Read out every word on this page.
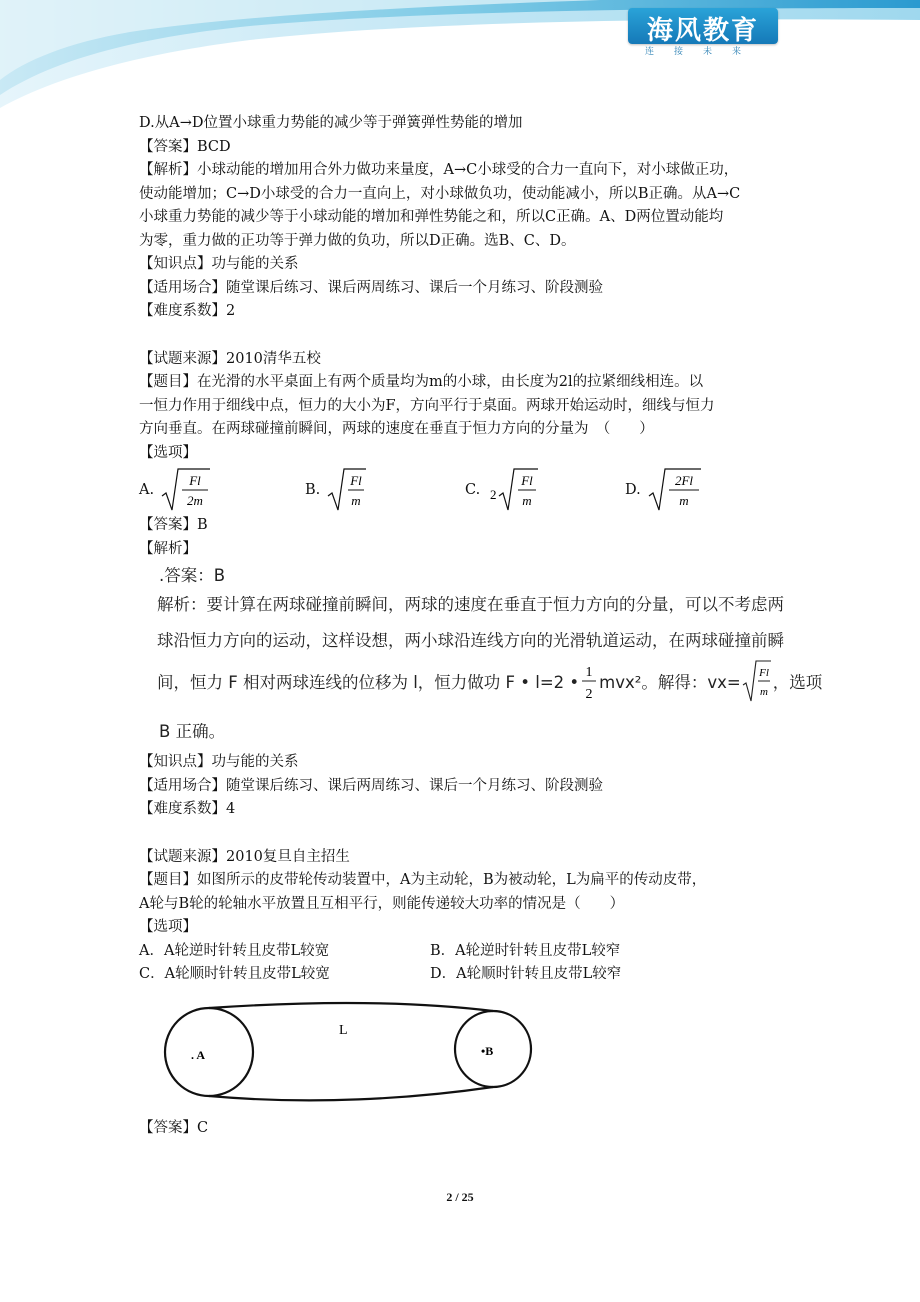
海风教育
连接未来
D.从A→D位置小球重力势能的减少等于弹簧弹性势能的增加
【答案】BCD
【解析】小球动能的增加用合外力做功来量度，A→C小球受的合力一直向下，对小球做正功，
使动能增加；C→D小球受的合力一直向上，对小球做负功，使动能减小，所以B正确。从A→C
小球重力势能的减少等于小球动能的增加和弹性势能之和，所以C正确。A、D两位置动能均
为零，重力做的正功等于弹力做的负功，所以D正确。选B、C、D。
【知识点】功与能的关系
【适用场合】随堂课后练习、课后两周练习、课后一个月练习、阶段测验
【难度系数】2
【试题来源】2010清华五校
【题目】在光滑的水平桌面上有两个质量均为m的小球，由长度为2l的拉紧细线相连。以
一恒力作用于细线中点，恒力的大小为F，方向平行于桌面。两球开始运动时，细线与恒力
方向垂直。在两球碰撞前瞬间，两球的速度在垂直于恒力方向的分量为　（　　）
【选项】
A.
Fl
2m
B.
Fl
m
C. 2
Fl
m
D.
2Fl
m
【答案】B
【解析】
.答案：B
解析：要计算在两球碰撞前瞬间，两球的速度在垂直于恒力方向的分量，可以不考虑两
球沿恒力方向的运动，这样设想，两小球沿连线方向的光滑轨道运动，在两球碰撞前瞬
间，恒力 F 相对两球连线的位移为 l，恒力做功 F • l=2 •
1
2
mvx²。解得：vx= Fl
m ，选项
B 正确。
【知识点】功与能的关系
【适用场合】随堂课后练习、课后两周练习、课后一个月练习、阶段测验
【难度系数】4
【试题来源】2010复旦自主招生
【题目】如图所示的皮带轮传动装置中，A为主动轮，B为被动轮，L为扁平的传动皮带，
A轮与B轮的轮轴水平放置且互相平行，则能传递较大功率的情况是（　　）
【选项】
A．A轮逆时针转且皮带L较宽	B．A轮逆时针转且皮带L较窄
C．A轮顺时针转且皮带L较宽	D．A轮顺时针转且皮带L较窄
. A	•B
L
【答案】C
2 / 25
